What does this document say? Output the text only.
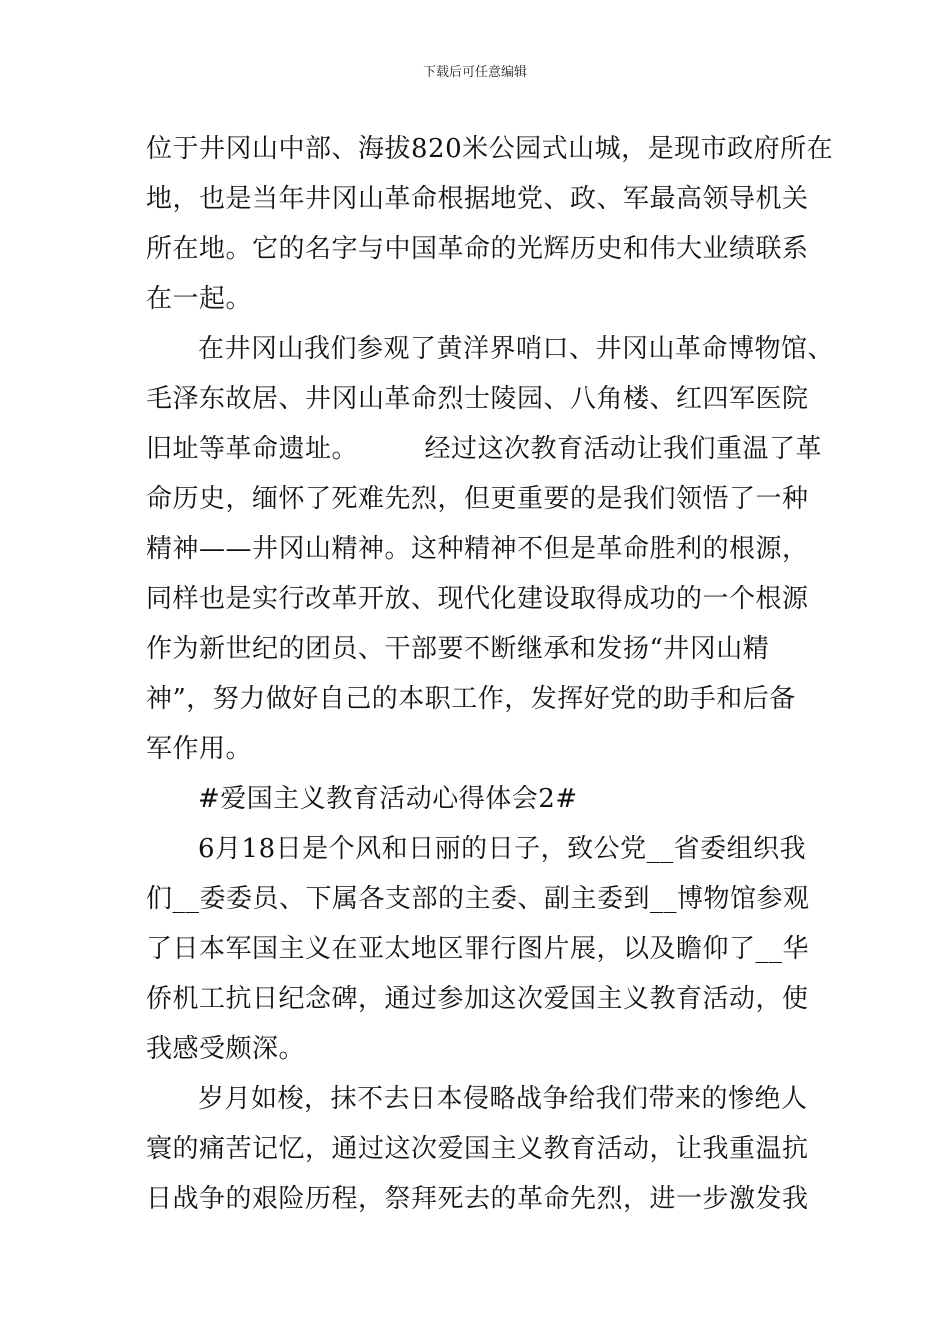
下载后可任意编辑
位于井冈山中部、海拔820米公园式山城，是现市政府所在
地，也是当年井冈山革命根据地党、政、军最高领导机关
所在地。它的名字与中国革命的光辉历史和伟大业绩联系
在一起。
在井冈山我们参观了黄洋界哨口、井冈山革命博物馆、
毛泽东故居、井冈山革命烈士陵园、八角楼、红四军医院
旧址等革命遗址。　　　经过这次教育活动让我们重温了革
命历史，缅怀了死难先烈，但更重要的是我们领悟了一种
精神——井冈山精神。这种精神不但是革命胜利的根源，
同样也是实行改革开放、现代化建设取得成功的一个根源
作为新世纪的团员、干部要不断继承和发扬“井冈山精
神”，努力做好自己的本职工作，发挥好党的助手和后备
军作用。
#爱国主义教育活动心得体会2#
6月18日是个风和日丽的日子，致公党__省委组织我
们__委委员、下属各支部的主委、副主委到__博物馆参观
了日本军国主义在亚太地区罪行图片展，以及瞻仰了__华
侨机工抗日纪念碑，通过参加这次爱国主义教育活动，使
我感受颇深。
岁月如梭，抹不去日本侵略战争给我们带来的惨绝人
寰的痛苦记忆，通过这次爱国主义教育活动，让我重温抗
日战争的艰险历程，祭拜死去的革命先烈，进一步激发我
